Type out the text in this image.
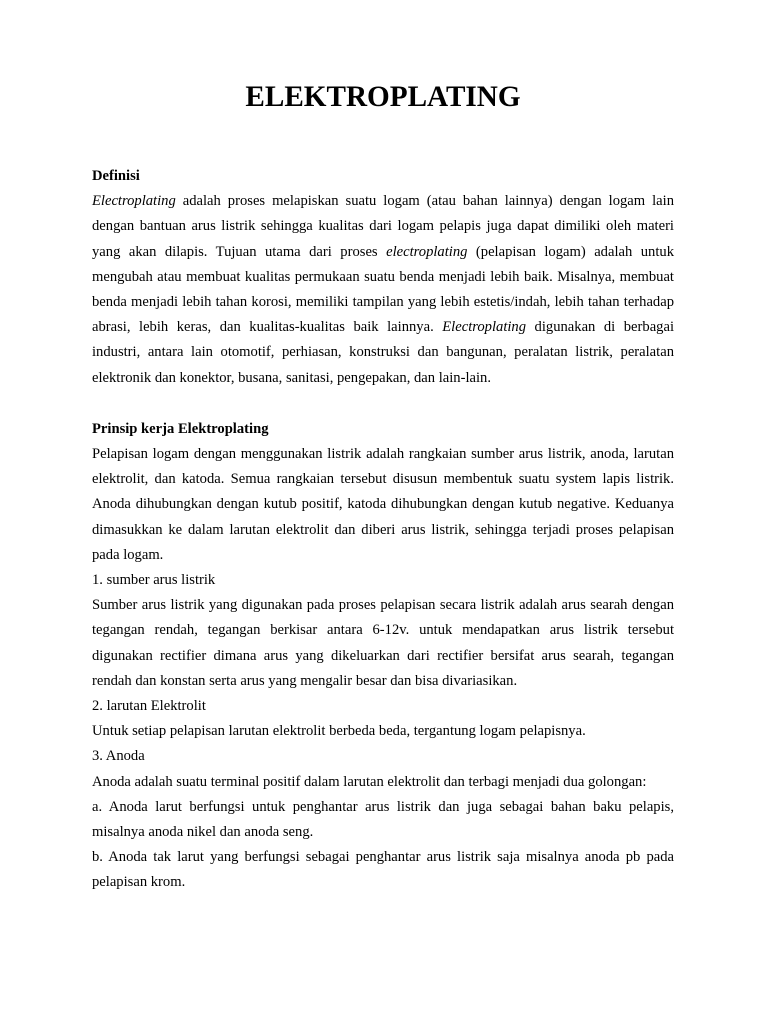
ELEKTROPLATING

Definisi

Electroplating adalah proses melapiskan suatu logam (atau bahan lainnya) dengan logam lain dengan bantuan arus listrik sehingga kualitas dari logam pelapis juga dapat dimiliki oleh materi yang akan dilapis. Tujuan utama dari proses electroplating (pelapisan logam) adalah untuk mengubah atau membuat kualitas permukaan suatu benda menjadi lebih baik. Misalnya, membuat benda menjadi lebih tahan korosi, memiliki tampilan yang lebih estetis/indah, lebih tahan terhadap abrasi, lebih keras, dan kualitas-kualitas baik lainnya. Electroplating digunakan di berbagai industri, antara lain otomotif, perhiasan, konstruksi dan bangunan, peralatan listrik, peralatan elektronik dan konektor, busana, sanitasi, pengepakan, dan lain-lain.

Prinsip kerja Elektroplating

Pelapisan logam dengan menggunakan listrik adalah rangkaian sumber arus listrik, anoda, larutan elektrolit, dan katoda. Semua rangkaian tersebut disusun membentuk suatu system lapis listrik. Anoda dihubungkan dengan kutub positif, katoda dihubungkan dengan kutub negative. Keduanya dimasukkan ke dalam larutan elektrolit dan diberi arus listrik, sehingga terjadi proses pelapisan pada logam.

1. sumber arus listrik

Sumber arus listrik yang digunakan pada proses pelapisan secara listrik adalah arus searah dengan tegangan rendah, tegangan berkisar antara 6-12v. untuk mendapatkan arus listrik tersebut digunakan rectifier dimana arus yang dikeluarkan dari rectifier bersifat arus searah, tegangan rendah dan konstan serta arus yang mengalir besar dan bisa divariasikan.

2. larutan Elektrolit

Untuk setiap pelapisan larutan elektrolit berbeda beda, tergantung logam pelapisnya.

3. Anoda

Anoda adalah suatu terminal positif dalam larutan elektrolit dan terbagi menjadi dua golongan:

a. Anoda larut berfungsi untuk penghantar arus listrik dan juga sebagai bahan baku pelapis, misalnya anoda nikel dan anoda seng.

b. Anoda tak larut yang berfungsi sebagai penghantar arus listrik saja misalnya anoda pb pada pelapisan krom.
